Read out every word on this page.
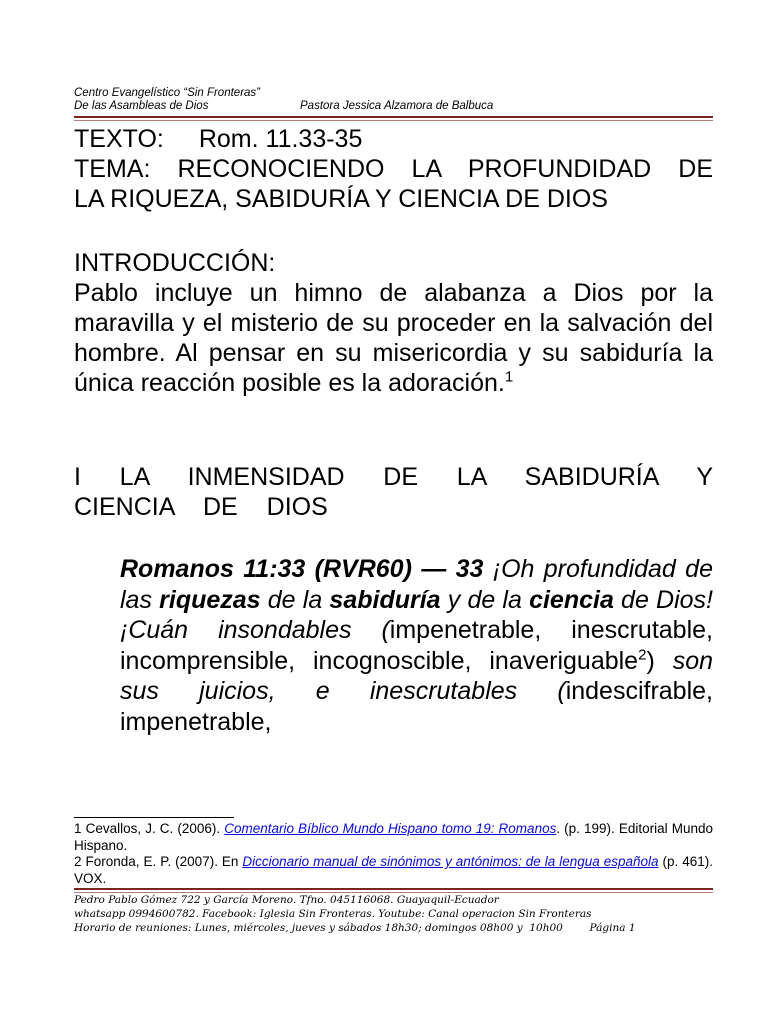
Centro Evangelístico “Sin Fronteras”
De las Asambleas de Dios	Pastora Jessica Alzamora de Balbuca
TEXTO: Rom. 11.33-35
TEMA: RECONOCIENDO LA PROFUNDIDAD DE
LA RIQUEZA, SABIDURÍA Y CIENCIA DE DIOS
INTRODUCCIÓN:
Pablo incluye un himno de alabanza a Dios por la maravilla y el misterio de su proceder en la salvación del hombre. Al pensar en su misericordia y su sabiduría la única reacción posible es la adoración.$^1$
I LA INMENSIDAD DE LA SABIDURÍA Y CIENCIA DE DIOS
Romanos 11:33 (RVR60) — 33 ¡Oh profundidad de las riquezas de la sabiduría y de la ciencia de Dios! ¡Cuán insondables (impenetrable, inescrutable, incomprensible, incognoscible, inaveriguable$^2$) son sus juicios, e inescrutables (indescifrable, impenetrable,
1 Cevallos, J. C. (2006). Comentario Bíblico Mundo Hispano tomo 19: Romanos. (p. 199). Editorial Mundo Hispano.
2 Foronda, E. P. (2007). En Diccionario manual de sinónimos y antónimos: de la lengua española (p. 461). VOX.
Pedro Pablo Gómez 722 y García Moreno. Tfno. 045116068. Guayaquil-Ecuador
whatsapp 0994600782. Facebook: Iglesia Sin Fronteras. Youtube: Canal operacion Sin Fronteras
Horario de reuniones: Lunes, miércoles, jueves y sábados 18h30; domingos 08h00 y  10h00	Página 1
